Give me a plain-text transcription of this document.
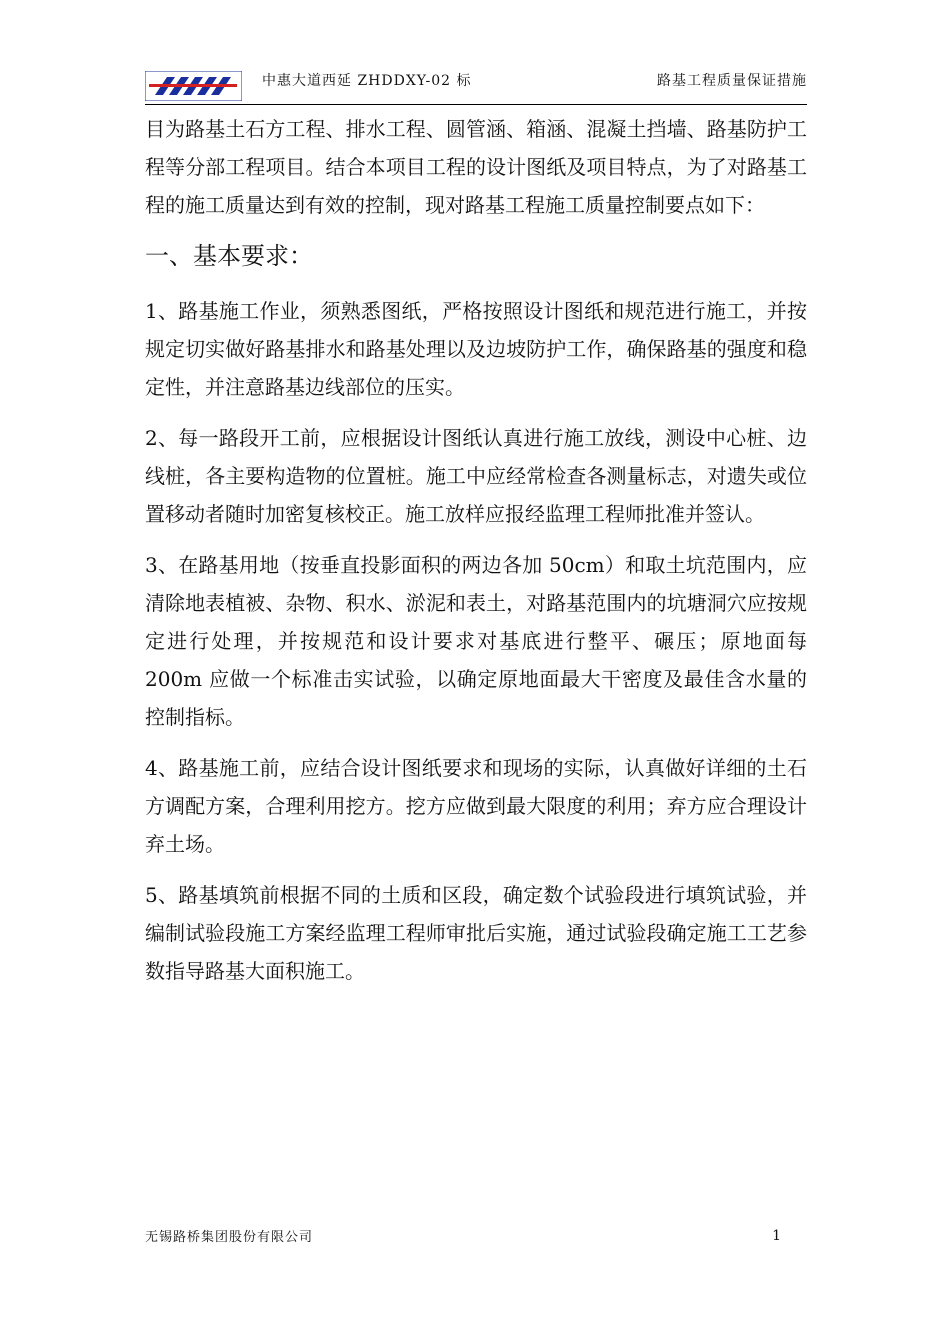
中惠大道西延 ZHDDXY-02 标	路基工程质量保证措施

目为路基土石方工程、排水工程、圆管涵、箱涵、混凝土挡墙、路基防护工程等分部工程项目。结合本项目工程的设计图纸及项目特点，为了对路基工程的施工质量达到有效的控制，现对路基工程施工质量控制要点如下：

一、基本要求：

1、路基施工作业，须熟悉图纸，严格按照设计图纸和规范进行施工，并按规定切实做好路基排水和路基处理以及边坡防护工作，确保路基的强度和稳定性，并注意路基边线部位的压实。

2、每一路段开工前，应根据设计图纸认真进行施工放线，测设中心桩、边线桩，各主要构造物的位置桩。施工中应经常检查各测量标志，对遗失或位置移动者随时加密复核校正。施工放样应报经监理工程师批准并签认。

3、在路基用地（按垂直投影面积的两边各加 50cm）和取土坑范围内，应清除地表植被、杂物、积水、淤泥和表土，对路基范围内的坑塘洞穴应按规定进行处理，并按规范和设计要求对基底进行整平、碾压；原地面每 200m 应做一个标准击实试验，以确定原地面最大干密度及最佳含水量的控制指标。

4、路基施工前，应结合设计图纸要求和现场的实际，认真做好详细的土石方调配方案，合理利用挖方。挖方应做到最大限度的利用；弃方应合理设计弃土场。

5、路基填筑前根据不同的土质和区段，确定数个试验段进行填筑试验，并编制试验段施工方案经监理工程师审批后实施，通过试验段确定施工工艺参数指导路基大面积施工。

无锡路桥集团股份有限公司	1
